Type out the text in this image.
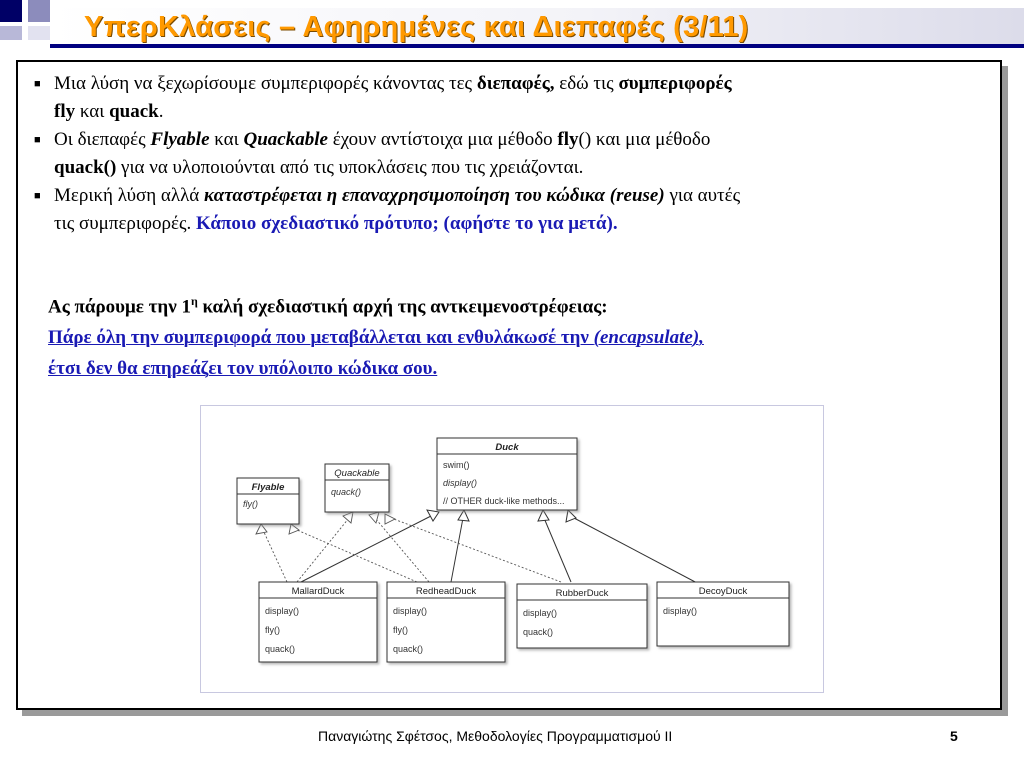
ΥπερΚλάσεις – Αφηρημένες και Διεπαφές (3/11)
■
Μια λύση να ξεχωρίσουμε συμπεριφορές κάνοντας τες διεπαφές, εδώ τις συμπεριφορές
fly και quack.
■
Οι διεπαφές Flyable και Quackable έχουν αντίστοιχα μια μέθοδο fly() και μια μέθοδο
quack() για να υλοποιούνται από τις υποκλάσεις που τις χρειάζονται.
■
Μερική λύση αλλά καταστρέφεται η επαναχρησιμοποίηση του κώδικα (reuse) για αυτές
τις συμπεριφορές. Κάποιο σχεδιαστικό πρότυπο; (αφήστε το για μετά).
Ας πάρουμε την $1^\eta$ καλή σχεδιαστική αρχή της αντκειμενοστρέφειας:
Πάρε όλη την συμπεριφορά που μεταβάλλεται και ενθυλάκωσέ την (encapsulate),
έτσι δεν θα επηρεάζει τον υπόλοιπο κώδικα σου.
Flyable
fly()
Quackable
quack()
Duck
swim()
display()
// OTHER duck-like methods...
MallardDuck
display()
fly()
quack()
RedheadDuck
display()
fly()
quack()
RubberDuck
display()
quack()
DecoyDuck
display()
Παναγιώτης Σφέτσος, Μεθοδολογίες Προγραμματισμού ΙΙ	5
